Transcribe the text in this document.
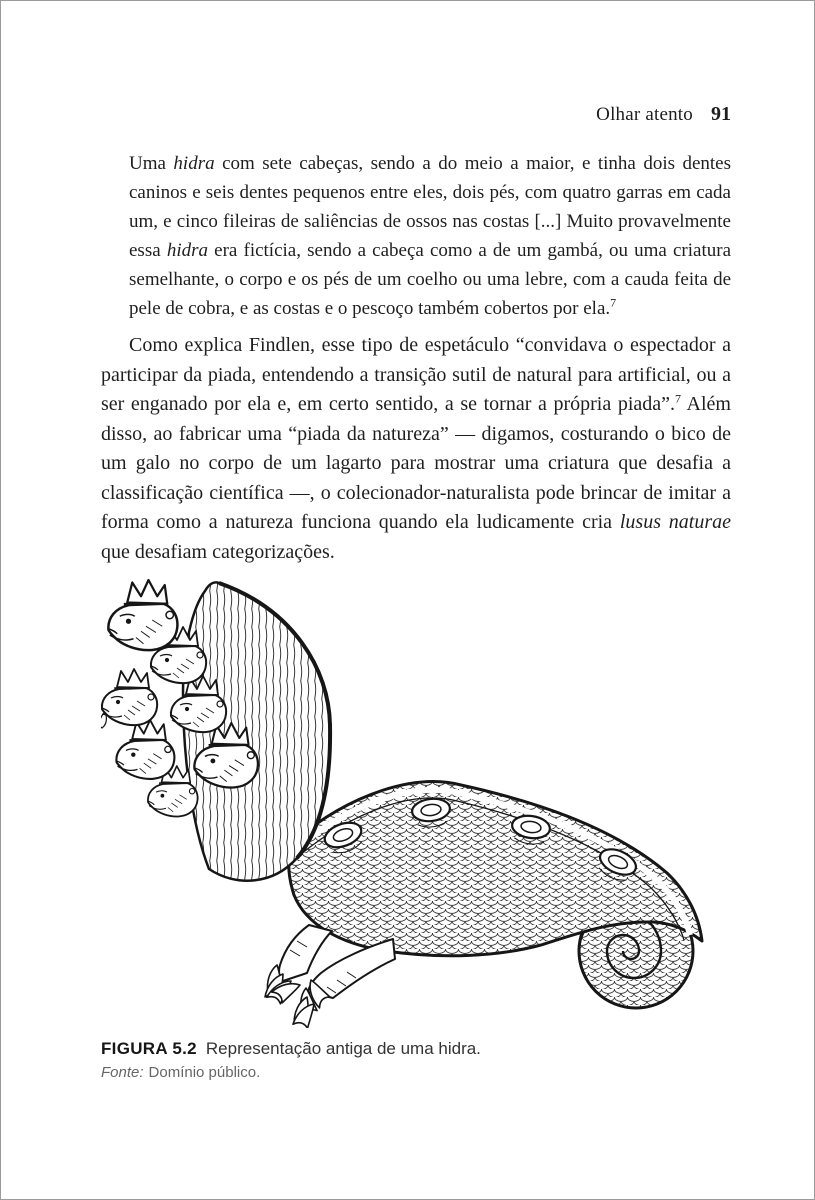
Olhar atento 91
Uma hidra com sete cabeças, sendo a do meio a maior, e tinha dois dentes caninos e seis dentes pequenos entre eles, dois pés, com quatro garras em cada um, e cinco fileiras de saliências de ossos nas costas [...] Muito provavelmente essa hidra era fictícia, sendo a cabeça como a de um gambá, ou uma criatura semelhante, o corpo e os pés de um coelho ou uma lebre, com a cauda feita de pele de cobra, e as costas e o pescoço também cobertos por ela.$^7$

Como explica Findlen, esse tipo de espetáculo “convidava o espectador a participar da piada, entendendo a transição sutil de natural para artificial, ou a ser enganado por ela e, em certo sentido, a se tornar a própria piada”.$^7$ Além disso, ao fabricar uma “piada da natureza” — digamos, costurando o bico de um galo no corpo de um lagarto para mostrar uma criatura que desafia a classificação científica —, o colecionador-naturalista pode brincar de imitar a forma como a natureza funciona quando ela ludicamente cria lusus naturae que desafiam categorizações.

FIGURA 5.2 Representação antiga de uma hidra.

Fonte: Domínio público.
